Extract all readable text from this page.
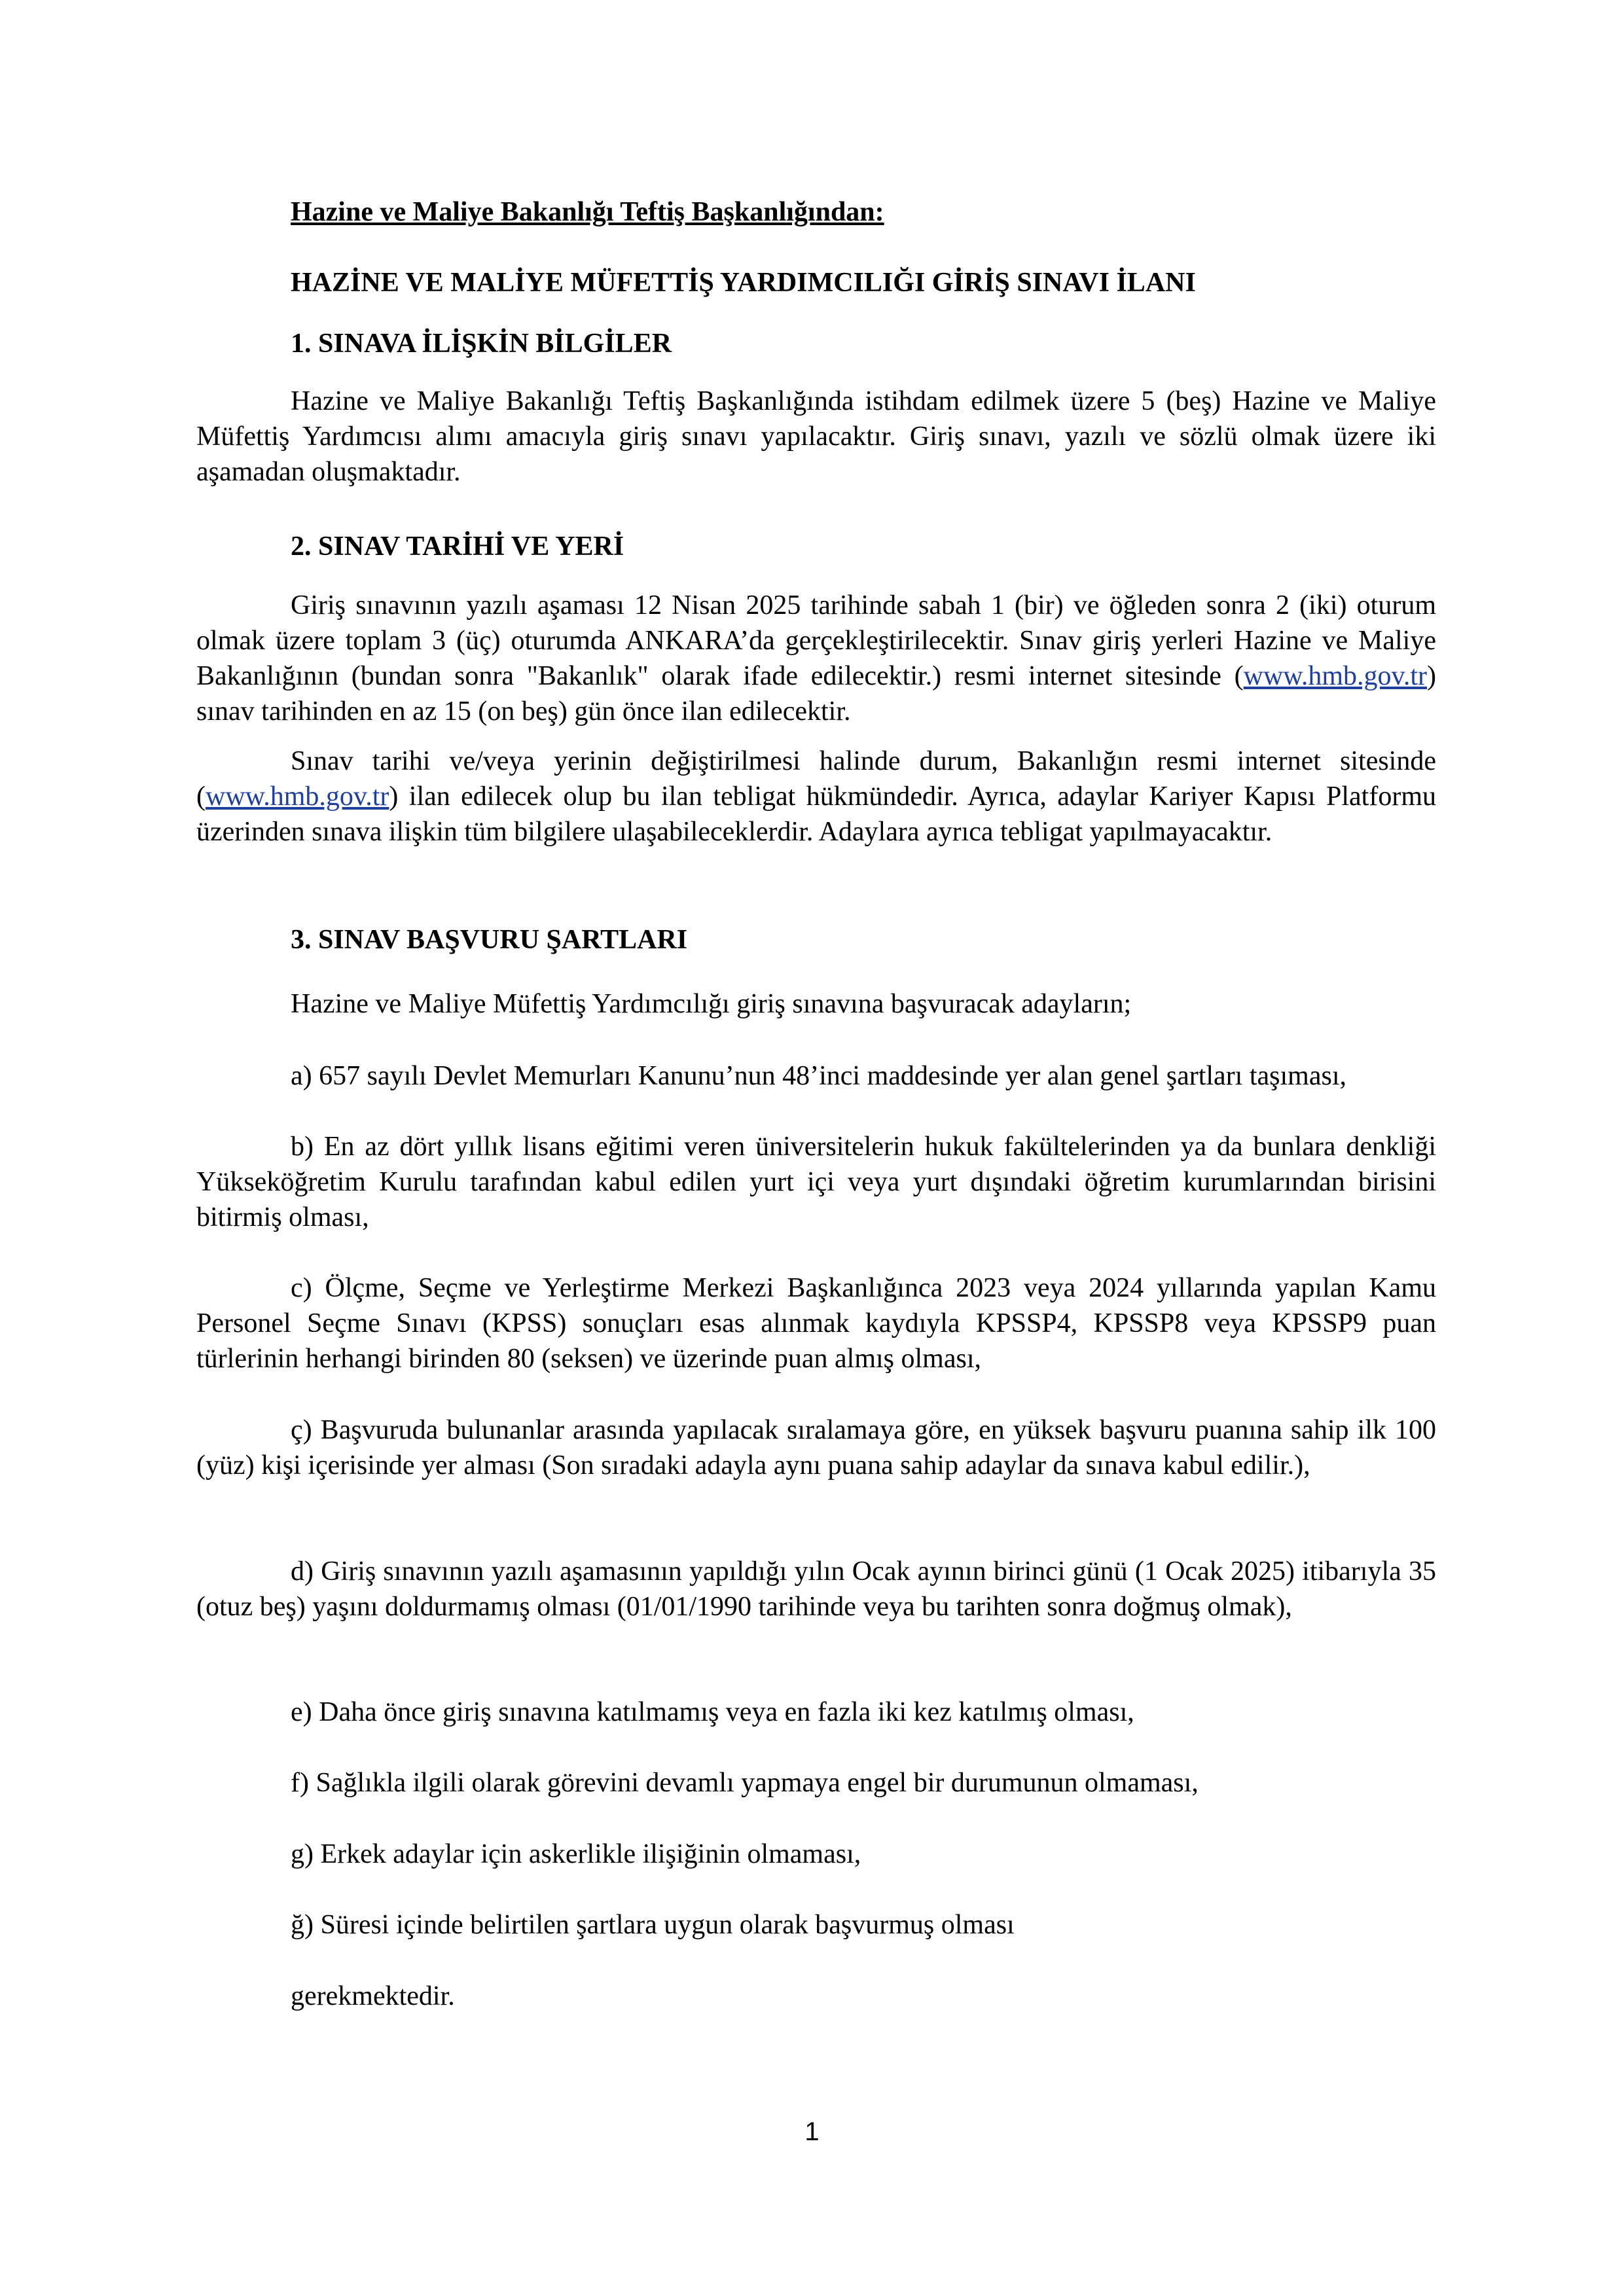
Hazine ve Maliye Bakanlığı Teftiş Başkanlığından:
HAZİNE VE MALİYE MÜFETTİŞ YARDIMCILIĞI GİRİŞ SINAVI İLANI
1. SINAVA İLİŞKİN BİLGİLER
Hazine ve Maliye Bakanlığı Teftiş Başkanlığında istihdam edilmek üzere 5 (beş) Hazine ve Maliye Müfettiş Yardımcısı alımı amacıyla giriş sınavı yapılacaktır. Giriş sınavı, yazılı ve sözlü olmak üzere iki aşamadan oluşmaktadır.
2. SINAV TARİHİ VE YERİ
Giriş sınavının yazılı aşaması 12 Nisan 2025 tarihinde sabah 1 (bir) ve öğleden sonra 2 (iki) oturum olmak üzere toplam 3 (üç) oturumda ANKARA’da gerçekleştirilecektir. Sınav giriş yerleri Hazine ve Maliye Bakanlığının (bundan sonra "Bakanlık" olarak ifade edilecektir.) resmi internet sitesinde (www.hmb.gov.tr) sınav tarihinden en az 15 (on beş) gün önce ilan edilecektir.
Sınav tarihi ve/veya yerinin değiştirilmesi halinde durum, Bakanlığın resmi internet sitesinde (www.hmb.gov.tr) ilan edilecek olup bu ilan tebligat hükmündedir. Ayrıca, adaylar Kariyer Kapısı Platformu üzerinden sınava ilişkin tüm bilgilere ulaşabileceklerdir. Adaylara ayrıca tebligat yapılmayacaktır.
3. SINAV BAŞVURU ŞARTLARI
Hazine ve Maliye Müfettiş Yardımcılığı giriş sınavına başvuracak adayların;
a) 657 sayılı Devlet Memurları Kanunu’nun 48’inci maddesinde yer alan genel şartları taşıması,
b) En az dört yıllık lisans eğitimi veren üniversitelerin hukuk fakültelerinden ya da bunlara denkliği Yükseköğretim Kurulu tarafından kabul edilen yurt içi veya yurt dışındaki öğretim kurumlarından birisini bitirmiş olması,
c) Ölçme, Seçme ve Yerleştirme Merkezi Başkanlığınca 2023 veya 2024 yıllarında yapılan Kamu Personel Seçme Sınavı (KPSS) sonuçları esas alınmak kaydıyla KPSSP4, KPSSP8 veya KPSSP9 puan türlerinin herhangi birinden 80 (seksen) ve üzerinde puan almış olması,
ç) Başvuruda bulunanlar arasında yapılacak sıralamaya göre, en yüksek başvuru puanına sahip ilk 100 (yüz) kişi içerisinde yer alması (Son sıradaki adayla aynı puana sahip adaylar da sınava kabul edilir.),
d) Giriş sınavının yazılı aşamasının yapıldığı yılın Ocak ayının birinci günü (1 Ocak 2025) itibarıyla 35 (otuz beş) yaşını doldurmamış olması (01/01/1990 tarihinde veya bu tarihten sonra doğmuş olmak),
e) Daha önce giriş sınavına katılmamış veya en fazla iki kez katılmış olması,
f) Sağlıkla ilgili olarak görevini devamlı yapmaya engel bir durumunun olmaması,
g) Erkek adaylar için askerlikle ilişiğinin olmaması,
ğ) Süresi içinde belirtilen şartlara uygun olarak başvurmuş olması
gerekmektedir.
1
